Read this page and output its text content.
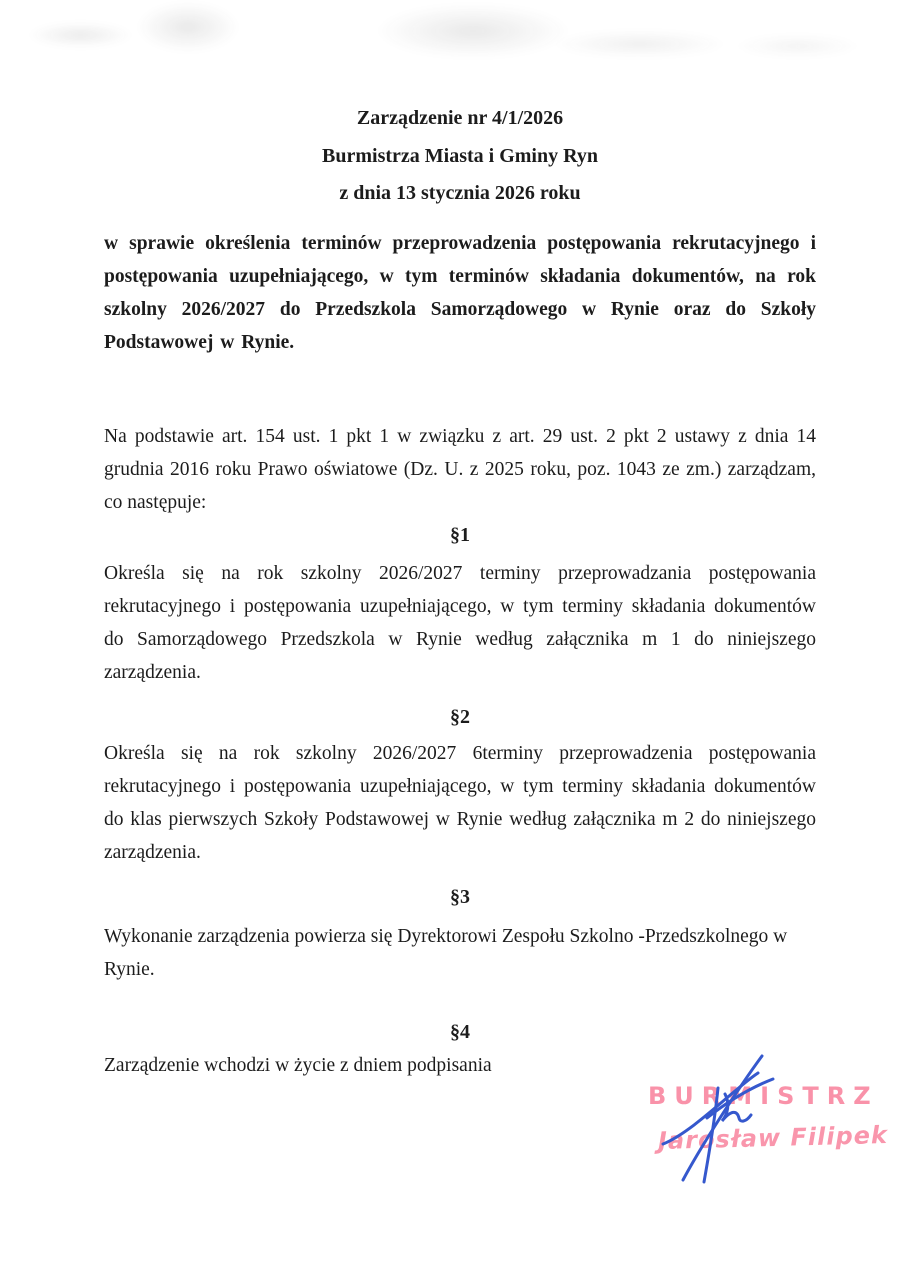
Zarządzenie nr 4/1/2026
Burmistrza Miasta i Gminy Ryn
z dnia 13 stycznia 2026 roku

w sprawie określenia terminów przeprowadzenia postępowania rekrutacyjnego i postępowania uzupełniającego, w tym terminów składania dokumentów, na rok szkolny 2026/2027 do Przedszkola Samorządowego w Rynie oraz do Szkoły Podstawowej w Rynie.

Na podstawie art. 154 ust. 1 pkt 1 w związku z art. 29 ust. 2 pkt 2 ustawy z dnia 14 grudnia 2016 roku Prawo oświatowe (Dz. U. z 2025 roku, poz. 1043 ze zm.) zarządzam, co następuje:

§1

Określa się na rok szkolny 2026/2027 terminy przeprowadzania postępowania rekrutacyjnego i postępowania uzupełniającego, w tym terminy składania dokumentów do Samorządowego Przedszkola w Rynie według załącznika m 1 do niniejszego zarządzenia.

§2

Określa się na rok szkolny 2026/2027 6terminy przeprowadzenia postępowania rekrutacyjnego i postępowania uzupełniającego, w tym terminy składania dokumentów do klas pierwszych Szkoły Podstawowej w Rynie według załącznika m 2 do niniejszego zarządzenia.

§3

Wykonanie zarządzenia powierza się Dyrektorowi Zespołu Szkolno -Przedszkolnego w Rynie.

§4

Zarządzenie wchodzi w życie z dniem podpisania

BURMISTRZ
Jarosław Filipek
